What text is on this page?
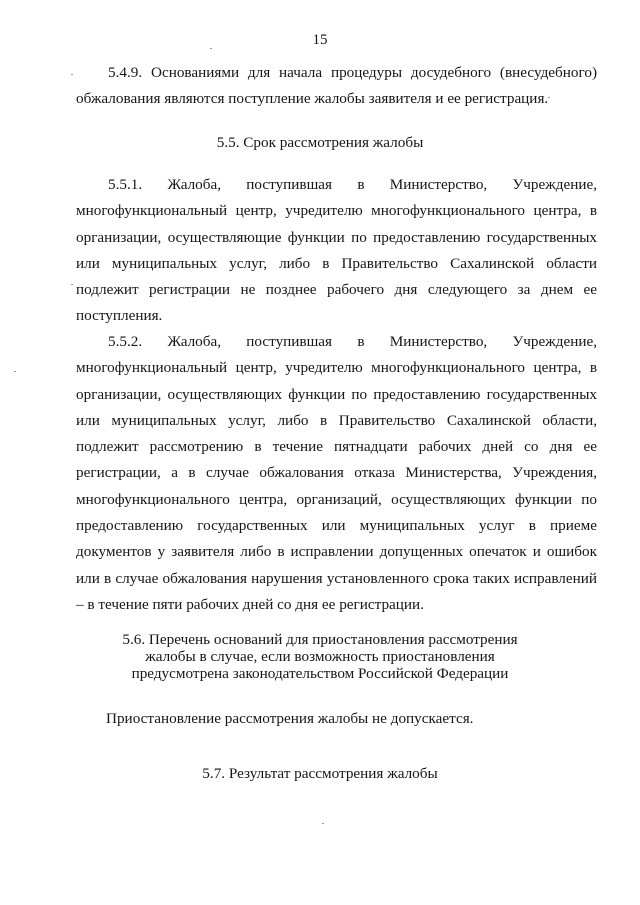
15
5.4.9. Основаниями для начала процедуры досудебного (внесудебного)
обжалования являются поступление жалобы заявителя и ее регистрация.
5.5. Срок рассмотрения жалобы
5.5.1. Жалоба, поступившая в Министерство, Учреждение,
многофункциональный центр, учредителю многофункционального центра, в
организации, осуществляющие функции по предоставлению государственных
или муниципальных услуг, либо в Правительство Сахалинской области
подлежит регистрации не позднее рабочего дня следующего за днем ее
поступления.
5.5.2. Жалоба, поступившая в Министерство, Учреждение,
многофункциональный центр, учредителю многофункционального центра, в
организации, осуществляющих функции по предоставлению государственных
или муниципальных услуг, либо в Правительство Сахалинской области,
подлежит рассмотрению в течение пятнадцати рабочих дней со дня ее
регистрации, а в случае обжалования отказа Министерства, Учреждения,
многофункционального центра, организаций, осуществляющих функции по
предоставлению государственных или муниципальных услуг в приеме
документов у заявителя либо в исправлении допущенных опечаток и ошибок
или в случае обжалования нарушения установленного срока таких исправлений
– в течение пяти рабочих дней со дня ее регистрации.
5.6. Перечень оснований для приостановления рассмотрения
жалобы в случае, если возможность приостановления
предусмотрена законодательством Российской Федерации
Приостановление рассмотрения жалобы не допускается.
5.7. Результат рассмотрения жалобы
